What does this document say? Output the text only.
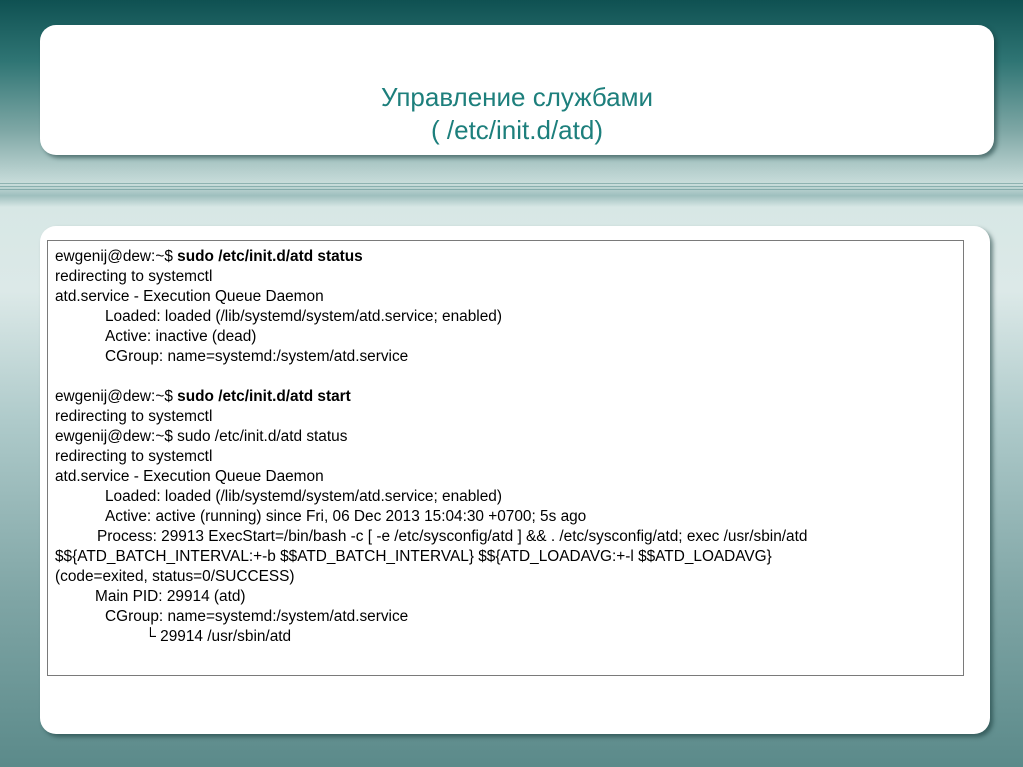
Управление службами
( /etc/init.d/atd)
ewgenij@dew:~$ sudo /etc/init.d/atd status
redirecting to systemctl
atd.service - Execution Queue Daemon
Loaded: loaded (/lib/systemd/system/atd.service; enabled)
Active: inactive (dead)
CGroup: name=systemd:/system/atd.service
ewgenij@dew:~$ sudo /etc/init.d/atd start
redirecting to systemctl
ewgenij@dew:~$ sudo /etc/init.d/atd status
redirecting to systemctl
atd.service - Execution Queue Daemon
Loaded: loaded (/lib/systemd/system/atd.service; enabled)
Active: active (running) since Fri, 06 Dec 2013 15:04:30 +0700; 5s ago
Process: 29913 ExecStart=/bin/bash -c [ -e /etc/sysconfig/atd ] && . /etc/sysconfig/atd; exec /usr/sbin/atd
$${ATD_BATCH_INTERVAL:+-b $$ATD_BATCH_INTERVAL} $${ATD_LOADAVG:+-l $$ATD_LOADAVG}
(code=exited, status=0/SUCCESS)
Main PID: 29914 (atd)
CGroup: name=systemd:/system/atd.service
└ 29914 /usr/sbin/atd
